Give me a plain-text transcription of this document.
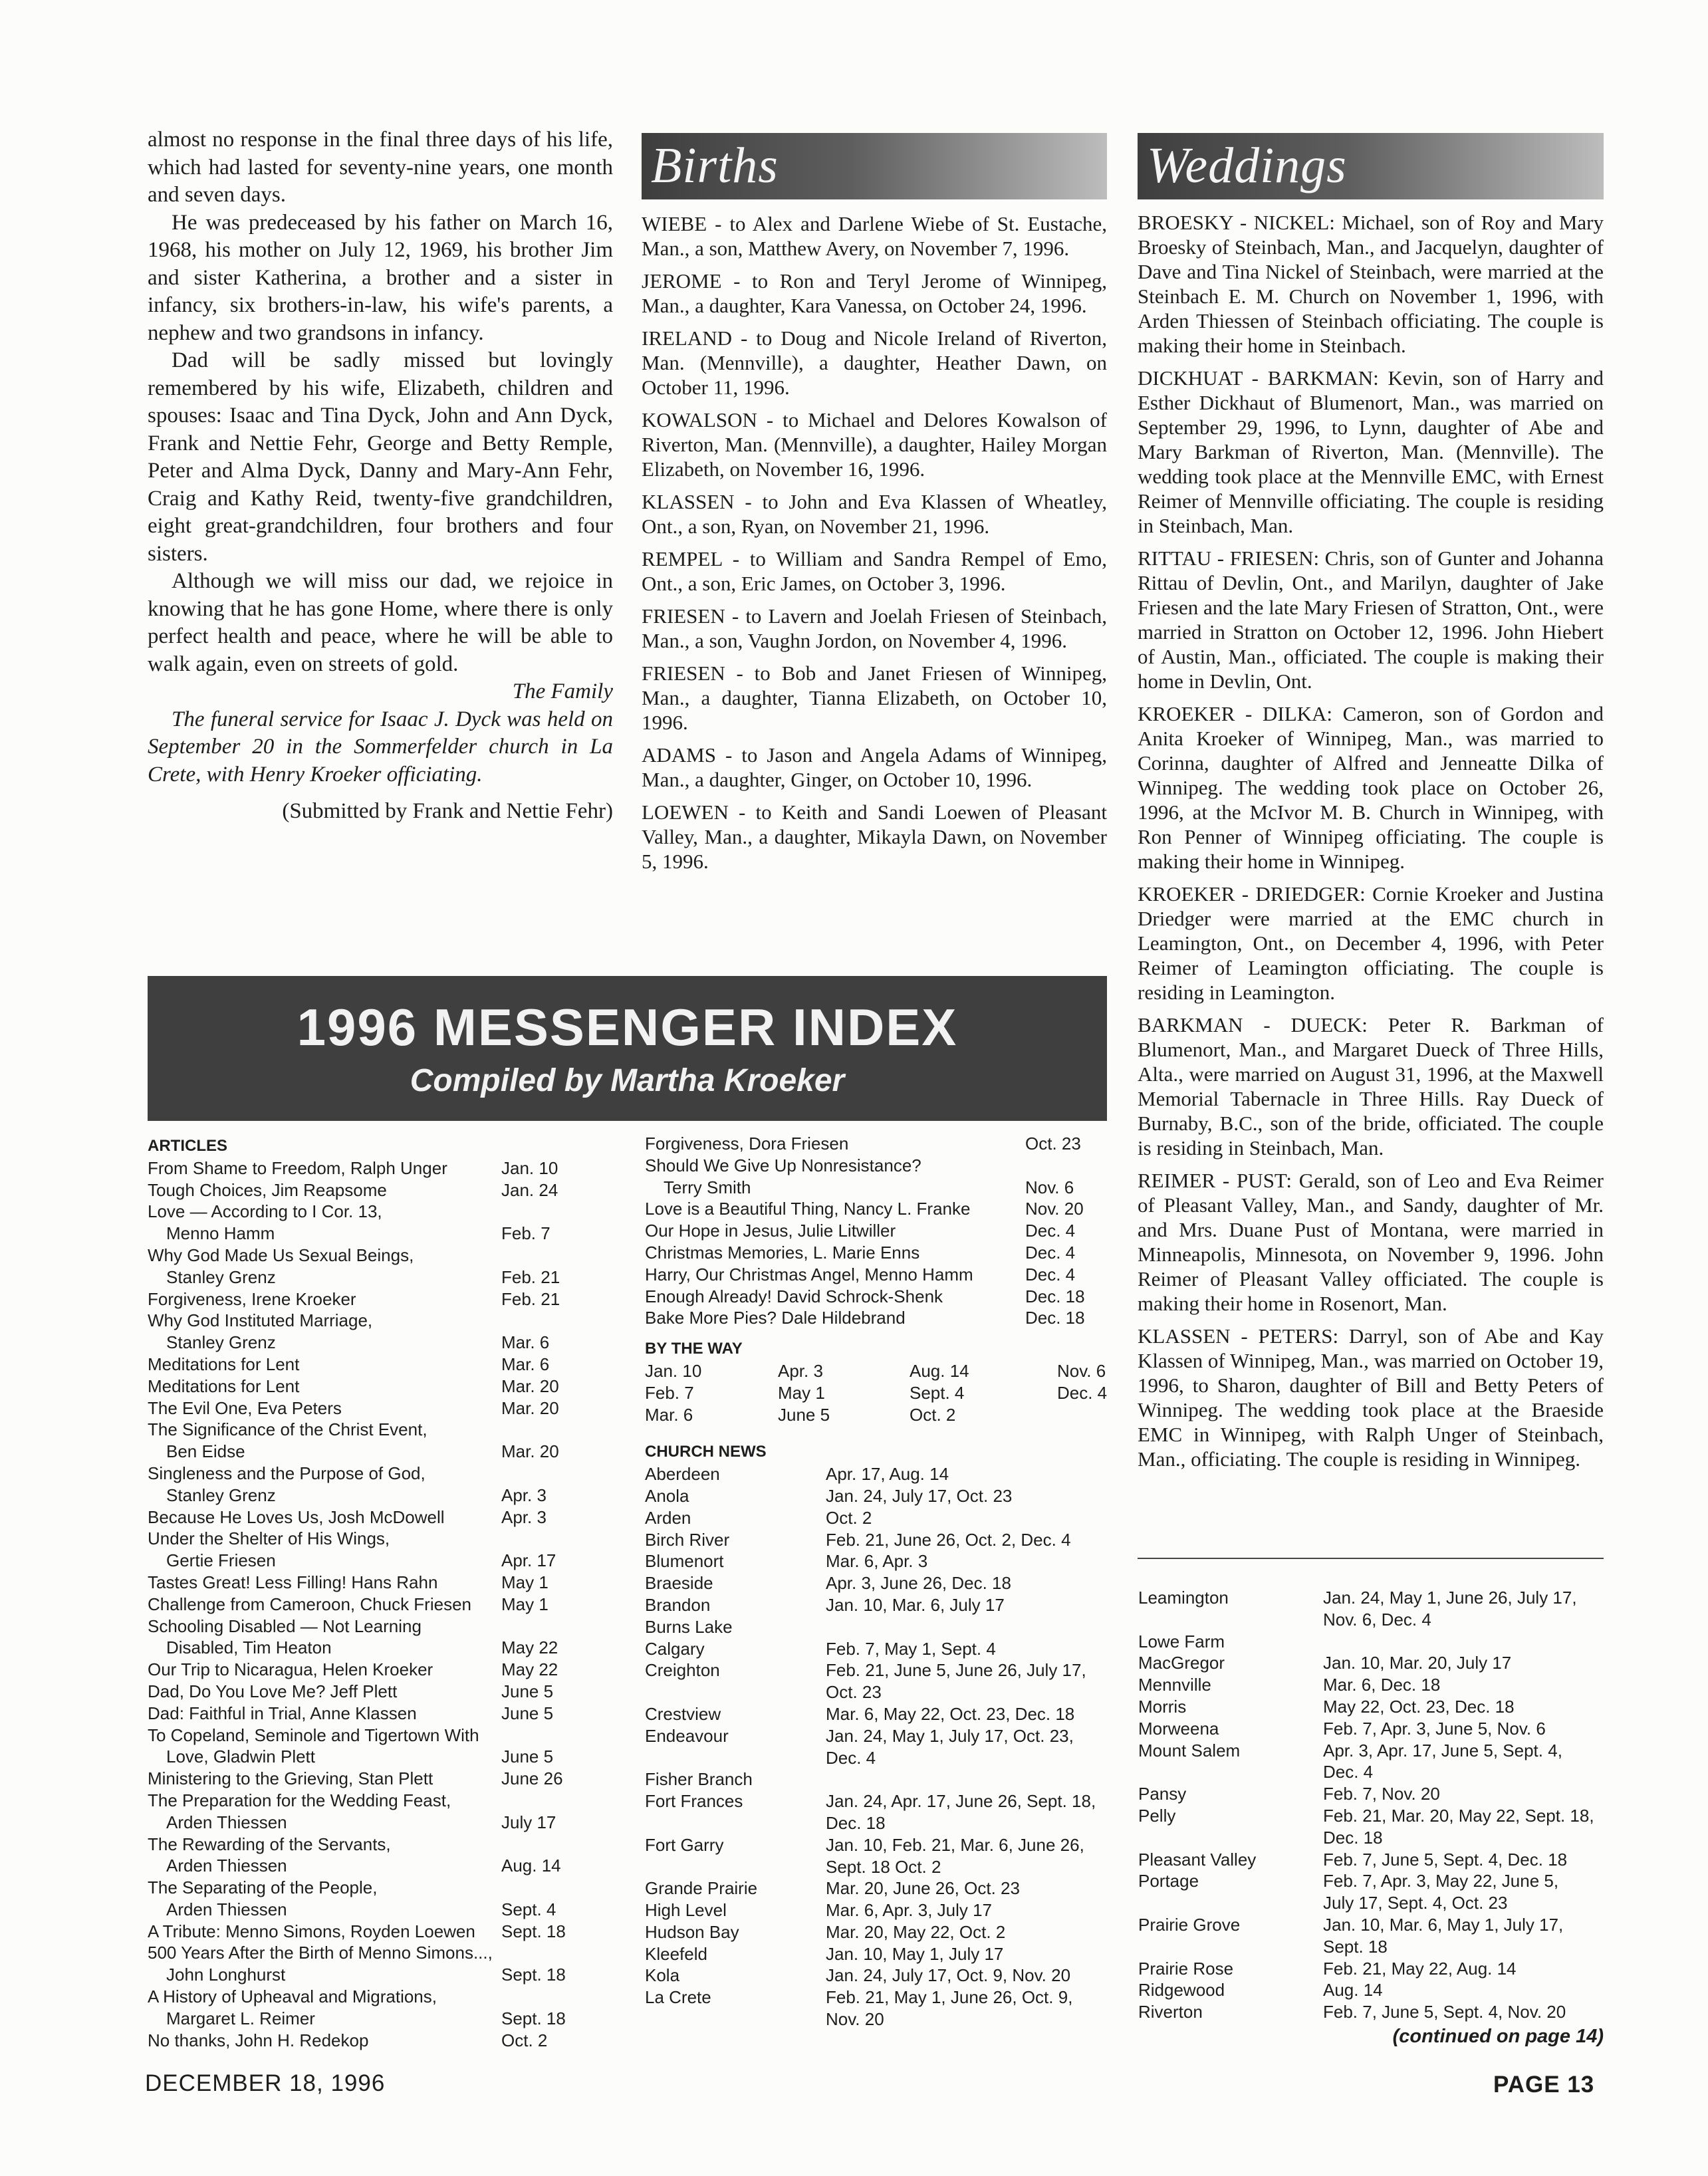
almost no response in the final three days of his life, which had lasted for seventy-nine years, one month and seven days.

He was predeceased by his father on March 16, 1968, his mother on July 12, 1969, his brother Jim and sister Katherina, a brother and a sister in infancy, six brothers-in-law, his wife's parents, a nephew and two grandsons in infancy.

Dad will be sadly missed but lovingly remembered by his wife, Elizabeth, children and spouses: Isaac and Tina Dyck, John and Ann Dyck, Frank and Nettie Fehr, George and Betty Remple, Peter and Alma Dyck, Danny and Mary-Ann Fehr, Craig and Kathy Reid, twenty-five grandchildren, eight great-grandchildren, four brothers and four sisters.

Although we will miss our dad, we rejoice in knowing that he has gone Home, where there is only perfect health and peace, where he will be able to walk again, even on streets of gold.

The Family

The funeral service for Isaac J. Dyck was held on September 20 in the Sommerfelder church in La Crete, with Henry Kroeker officiating.

(Submitted by Frank and Nettie Fehr)

Births

WIEBE - to Alex and Darlene Wiebe of St. Eustache, Man., a son, Matthew Avery, on November 7, 1996.

JEROME - to Ron and Teryl Jerome of Winnipeg, Man., a daughter, Kara Vanessa, on October 24, 1996.

IRELAND - to Doug and Nicole Ireland of Riverton, Man. (Mennville), a daughter, Heather Dawn, on October 11, 1996.

KOWALSON - to Michael and Delores Kowalson of Riverton, Man. (Mennville), a daughter, Hailey Morgan Elizabeth, on November 16, 1996.

KLASSEN - to John and Eva Klassen of Wheatley, Ont., a son, Ryan, on November 21, 1996.

REMPEL - to William and Sandra Rempel of Emo, Ont., a son, Eric James, on October 3, 1996.

FRIESEN - to Lavern and Joelah Friesen of Steinbach, Man., a son, Vaughn Jordon, on November 4, 1996.

FRIESEN - to Bob and Janet Friesen of Winnipeg, Man., a daughter, Tianna Elizabeth, on October 10, 1996.

ADAMS - to Jason and Angela Adams of Winnipeg, Man., a daughter, Ginger, on October 10, 1996.

LOEWEN - to Keith and Sandi Loewen of Pleasant Valley, Man., a daughter, Mikayla Dawn, on November 5, 1996.

Weddings

BROESKY - NICKEL: Michael, son of Roy and Mary Broesky of Steinbach, Man., and Jacquelyn, daughter of Dave and Tina Nickel of Steinbach, were married at the Steinbach E. M. Church on November 1, 1996, with Arden Thiessen of Steinbach officiating. The couple is making their home in Steinbach.

DICKHUAT - BARKMAN: Kevin, son of Harry and Esther Dickhaut of Blumenort, Man., was married on September 29, 1996, to Lynn, daughter of Abe and Mary Barkman of Riverton, Man. (Mennville). The wedding took place at the Mennville EMC, with Ernest Reimer of Mennville officiating. The couple is residing in Steinbach, Man.

RITTAU - FRIESEN: Chris, son of Gunter and Johanna Rittau of Devlin, Ont., and Marilyn, daughter of Jake Friesen and the late Mary Friesen of Stratton, Ont., were married in Stratton on October 12, 1996. John Hiebert of Austin, Man., officiated. The couple is making their home in Devlin, Ont.

KROEKER - DILKA: Cameron, son of Gordon and Anita Kroeker of Winnipeg, Man., was married to Corinna, daughter of Alfred and Jenneatte Dilka of Winnipeg. The wedding took place on October 26, 1996, at the McIvor M. B. Church in Winnipeg, with Ron Penner of Winnipeg officiating. The couple is making their home in Winnipeg.

KROEKER - DRIEDGER: Cornie Kroeker and Justina Driedger were married at the EMC church in Leamington, Ont., on December 4, 1996, with Peter Reimer of Leamington officiating. The couple is residing in Leamington.

BARKMAN - DUECK: Peter R. Barkman of Blumenort, Man., and Margaret Dueck of Three Hills, Alta., were married on August 31, 1996, at the Maxwell Memorial Tabernacle in Three Hills. Ray Dueck of Burnaby, B.C., son of the bride, officiated. The couple is residing in Steinbach, Man.

REIMER - PUST: Gerald, son of Leo and Eva Reimer of Pleasant Valley, Man., and Sandy, daughter of Mr. and Mrs. Duane Pust of Montana, were married in Minneapolis, Minnesota, on November 9, 1996. John Reimer of Pleasant Valley officiated. The couple is making their home in Rosenort, Man.

KLASSEN - PETERS: Darryl, son of Abe and Kay Klassen of Winnipeg, Man., was married on October 19, 1996, to Sharon, daughter of Bill and Betty Peters of Winnipeg. The wedding took place at the Braeside EMC in Winnipeg, with Ralph Unger of Steinbach, Man., officiating. The couple is residing in Winnipeg.

1996 MESSENGER INDEX
Compiled by Martha Kroeker
ARTICLES
From Shame to Freedom, Ralph Unger	Jan. 10
Tough Choices, Jim Reapsome	Jan. 24
Love — According to I Cor. 13,
Menno Hamm	Feb. 7
Why God Made Us Sexual Beings,
Stanley Grenz	Feb. 21
Forgiveness, Irene Kroeker	Feb. 21
Why God Instituted Marriage,
Stanley Grenz	Mar. 6
Meditations for Lent	Mar. 6
Meditations for Lent	Mar. 20
The Evil One, Eva Peters	Mar. 20
The Significance of the Christ Event,
Ben Eidse	Mar. 20
Singleness and the Purpose of God,
Stanley Grenz	Apr. 3
Because He Loves Us, Josh McDowell	Apr. 3
Under the Shelter of His Wings,
Gertie Friesen	Apr. 17
Tastes Great! Less Filling! Hans Rahn	May 1
Challenge from Cameroon, Chuck Friesen	May 1
Schooling Disabled — Not Learning
Disabled, Tim Heaton	May 22
Our Trip to Nicaragua, Helen Kroeker	May 22
Dad, Do You Love Me? Jeff Plett	June 5
Dad: Faithful in Trial, Anne Klassen	June 5
To Copeland, Seminole and Tigertown With
Love, Gladwin Plett	June 5
Ministering to the Grieving, Stan Plett	June 26
The Preparation for the Wedding Feast,
Arden Thiessen	July 17
The Rewarding of the Servants,
Arden Thiessen	Aug. 14
The Separating of the People,
Arden Thiessen	Sept. 4
A Tribute: Menno Simons, Royden Loewen	Sept. 18
500 Years After the Birth of Menno Simons...,
John Longhurst	Sept. 18
A History of Upheaval and Migrations,
Margaret L. Reimer	Sept. 18
No thanks, John H. Redekop	Oct. 2
Forgiveness, Dora Friesen	Oct. 23
Should We Give Up Nonresistance?
Terry Smith	Nov. 6
Love is a Beautiful Thing, Nancy L. Franke	Nov. 20
Our Hope in Jesus, Julie Litwiller	Dec. 4
Christmas Memories, L. Marie Enns	Dec. 4
Harry, Our Christmas Angel, Menno Hamm	Dec. 4
Enough Already! David Schrock-Shenk	Dec. 18
Bake More Pies? Dale Hildebrand	Dec. 18
BY THE WAY
Jan. 10	Apr. 3	Aug. 14	Nov. 6
Feb. 7	May 1	Sept. 4	Dec. 4
Mar. 6	June 5	Oct. 2
CHURCH NEWS
Aberdeen	Apr. 17, Aug. 14
Anola	Jan. 24, July 17, Oct. 23
Arden	Oct. 2
Birch River	Feb. 21, June 26, Oct. 2, Dec. 4
Blumenort	Mar. 6, Apr. 3
Braeside	Apr. 3, June 26, Dec. 18
Brandon	Jan. 10, Mar. 6, July 17
Burns Lake
Calgary	Feb. 7, May 1, Sept. 4
Creighton	Feb. 21, June 5, June 26, July 17,
Oct. 23
Crestview	Mar. 6, May 22, Oct. 23, Dec. 18
Endeavour	Jan. 24, May 1, July 17, Oct. 23,
Dec. 4
Fisher Branch
Fort Frances	Jan. 24, Apr. 17, June 26, Sept. 18,
Dec. 18
Fort Garry	Jan. 10, Feb. 21, Mar. 6, June 26,
Sept. 18 Oct. 2
Grande Prairie	Mar. 20, June 26, Oct. 23
High Level	Mar. 6, Apr. 3, July 17
Hudson Bay	Mar. 20, May 22, Oct. 2
Kleefeld	Jan. 10, May 1, July 17
Kola	Jan. 24, July 17, Oct. 9, Nov. 20
La Crete	Feb. 21, May 1, June 26, Oct. 9,
Nov. 20
Leamington	Jan. 24, May 1, June 26, July 17,
Nov. 6, Dec. 4
Lowe Farm
MacGregor	Jan. 10, Mar. 20, July 17
Mennville	Mar. 6, Dec. 18
Morris	May 22, Oct. 23, Dec. 18
Morweena	Feb. 7, Apr. 3, June 5, Nov. 6
Mount Salem	Apr. 3, Apr. 17, June 5, Sept. 4,
Dec. 4
Pansy	Feb. 7, Nov. 20
Pelly	Feb. 21, Mar. 20, May 22, Sept. 18,
Dec. 18
Pleasant Valley	Feb. 7, June 5, Sept. 4, Dec. 18
Portage	Feb. 7, Apr. 3, May 22, June 5,
July 17, Sept. 4, Oct. 23
Prairie Grove	Jan. 10, Mar. 6, May 1, July 17,
Sept. 18
Prairie Rose	Feb. 21, May 22, Aug. 14
Ridgewood	Aug. 14
Riverton	Feb. 7, June 5, Sept. 4, Nov. 20
(continued on page 14)
DECEMBER 18, 1996	PAGE 13
